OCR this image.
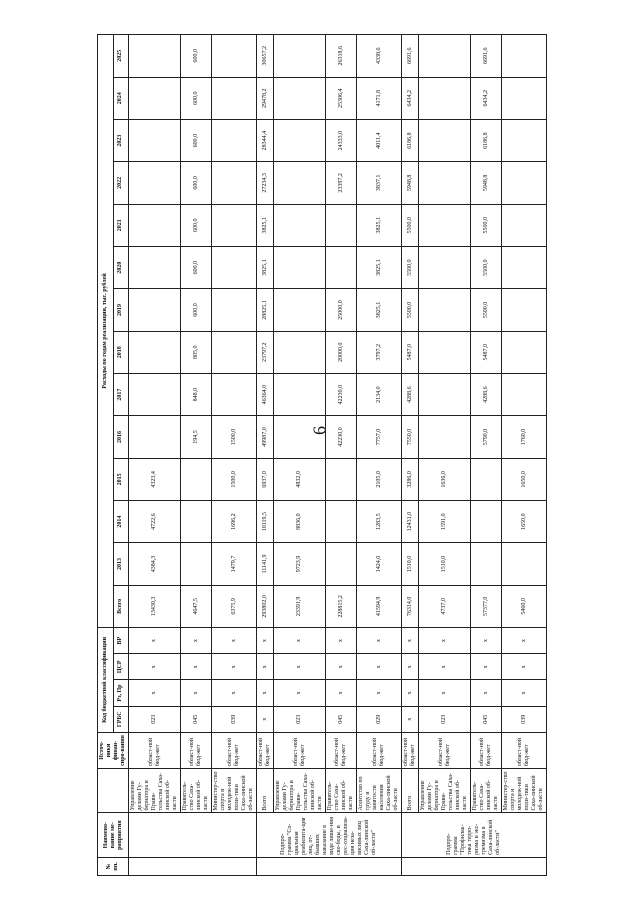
6
№ пп.	Наимено-вание ме-роприятия		Источ-ники финан-сиро-вания	Код бюджетной классификации				Расходы по годам реализации, тыс. рублей													
				ГРБС	Рз, Пр	ЦСР	ВР	Всего	2013	2014	2015	2016	2017	2018	2019	2020	2021	2022	2023	2024	2025
		Управление делами Гу-бернатора и Прави-тельства Саха-линской об-ласти	област-ной бюд-жет	023	х	х	х	13430,3	4384,3	4722,6	4323,4										
		Правитель-ство Саха-линской об-ласти	област-ной бюд-жет	045	х	х	х	4647,5				194,5	848,0	805,0	600,0	600,0	600,0	600,0	600,0	600,0	600,0
		Министер-ство спорта и молодеж-ной поли-тики Саха-линской об-ласти	област-ной бюд-жет	039	х	х	х	6375,9	1479,7	1696,2	1500,0	1500,0									
	Подпро-грамма "Со-циальная реабилита-ция лиц, от-бывших наказание в виде лише-ния сво-боды, и рес-социализа-ция неза-висимых лиц Саха-линской об-ласти"	Всего	област-ной бюд-жет	х	х	х	х	293802,0	11141,9	10119,5	6937,0	49987,0	46364,0	23797,2	28825,1	3825,1	3825,1	27234,3	28344,4	29478,2	30657,2
		Управление делами Гу-бернатора и Прави-тельства Саха-линской об-ласти	област-ной бюд-жет	023	х	х	х	23391,9	9723,9	8836,0	4832,0										
		Правитель-ство Саха-линской об-ласти	област-ной бюд-жет	045	х	х	х	228815,2				42230,0	42230,0	20000,0	25000,0			23397,2	24333,0	25306,4	26318,6
		Агентство по труду и занятости населения Саха-линской об-ласти	област-ной бюд-жет	029	х	х	х	41594,9	1424,0	1283,5	2105,0	7757,0	2134,0	3797,2	3825,1	3825,1	3825,1	3837,1	4011,4	4171,8	4338,6
	Подпро-грамма "Профилак-тика терро-ризма и экс-тремизма в Саха-линской об-ласти"	Всего	област-ной бюд-жет	х	х	х	х	76314,0	1510,0	12431,0	3286,0	7550,0	4288,6	5487,0	5500,0	5500,0	5500,0	5948,8	6186,8	6434,2	6691,6
		Управление делами Гу-бернатора и Прави-тельства Саха-линской об-ласти	област-ной бюд-жет	023	х	х	х	4737,0	1510,0	1591,0	1636,0										
		Правитель-ство Саха-линской об-ласти	област-ной бюд-жет	045	х	х	х	57377,0				5790,0	4288,6	5487,0	5500,0	5500,0	5500,0	5948,8	6186,8	6434,2	6691,6
		Министер-ство спорта и молодеж-ной поли-тики Саха-линской об-ласти	област-ной бюд-жет	039	х	х	х	5460,0		1650,0	1650,0	1760,0									
